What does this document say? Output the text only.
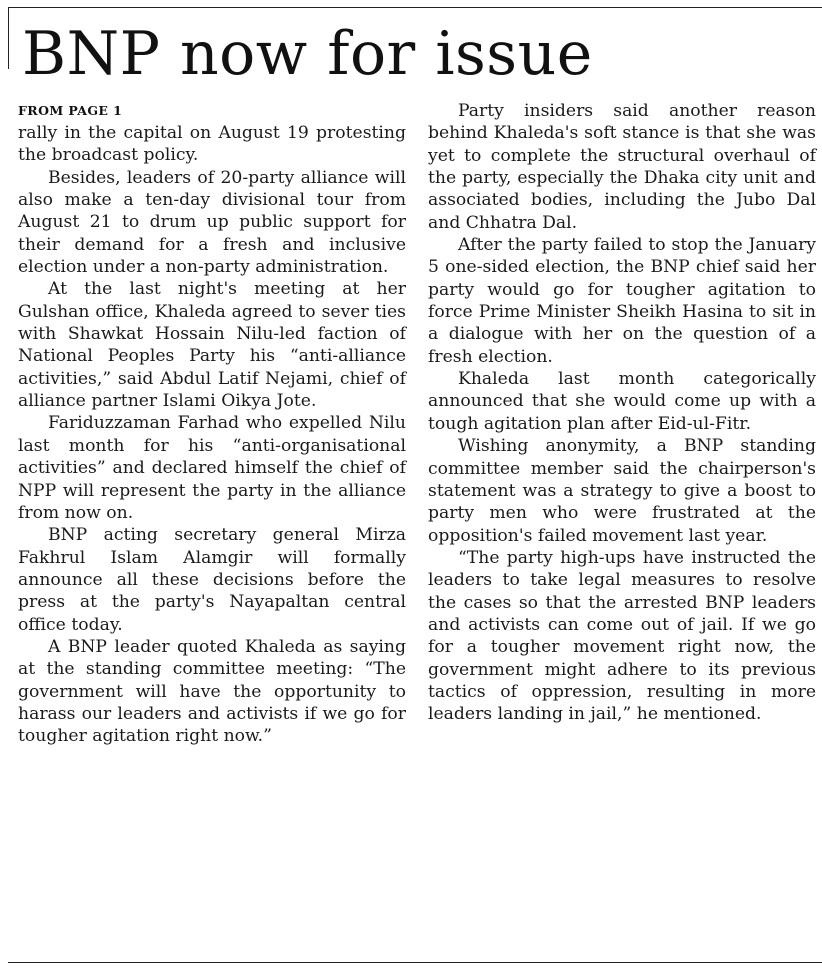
BNP now for issue
FROM PAGE 1

rally in the capital on August 19 protesting the broadcast policy.

Besides, leaders of 20-party alliance will also make a ten-day divisional tour from August 21 to drum up public support for their demand for a fresh and inclusive election under a non-party administration.

At the last night's meeting at her Gulshan office, Khaleda agreed to sever ties with Shawkat Hossain Nilu-led faction of National Peoples Party his “anti-alliance activities,” said Abdul Latif Nejami, chief of alliance partner Islami Oikya Jote.

Fariduzzaman Farhad who expelled Nilu last month for his “anti-organisational activities” and declared himself the chief of NPP will represent the party in the alliance from now on.

BNP acting secretary general Mirza Fakhrul Islam Alamgir will formally announce all these decisions before the press at the party's Nayapaltan central office today.

A BNP leader quoted Khaleda as saying at the standing committee meeting: “The government will have the opportunity to harass our leaders and activists if we go for tougher agitation right now.”

Party insiders said another reason behind Khaleda's soft stance is that she was yet to complete the structural overhaul of the party, especially the Dhaka city unit and associated bodies, including the Jubo Dal and Chhatra Dal.

After the party failed to stop the January 5 one-sided election, the BNP chief said her party would go for tougher agitation to force Prime Minister Sheikh Hasina to sit in a dialogue with her on the question of a fresh election.

Khaleda last month categorically announced that she would come up with a tough agitation plan after Eid-ul-Fitr.

Wishing anonymity, a BNP standing committee member said the chairperson's statement was a strategy to give a boost to party men who were frustrated at the opposition's failed movement last year.

“The party high-ups have instructed the leaders to take legal measures to resolve the cases so that the arrested BNP leaders and activists can come out of jail. If we go for a tougher movement right now, the government might adhere to its previous tactics of oppression, resulting in more leaders landing in jail,” he mentioned.
